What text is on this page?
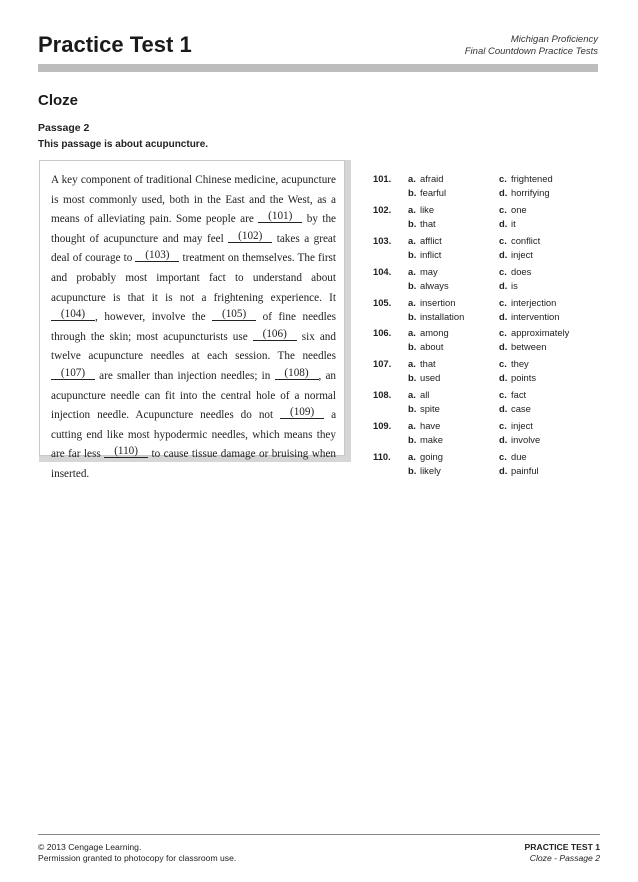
Practice Test 1	Michigan Proficiency
Final Countdown Practice Tests
Cloze
Passage 2
This passage is about acupuncture.
A key component of traditional Chinese medicine, acupuncture is most commonly used, both in the East and the West, as a means of alleviating pain. Some people are (101) by the thought of acupuncture and may feel (102) takes a great deal of courage to (103) treatment on themselves. The first and probably most important fact to understand about acupuncture is that it is not a frightening experience. It (104) , however, involve the (105) of fine needles through the skin; most acupuncturists use (106) six and twelve acupuncture needles at each session. The needles (107) are smaller than injection needles; in (108) , an acupuncture needle can fit into the central hole of a normal injection needle. Acupuncture needles do not (109) a cutting end like most hypodermic needles, which means they are far less (110) to cause tissue damage or bruising when inserted.
101. a. afraid
b. fearful
c. frightened
d. horrifying
102. a. like
b. that
c. one
d. it
103. a. afflict
b. inflict
c. conflict
d. inject
104. a. may
b. always
c. does
d. is
105. a. insertion
b. installation
c. interjection
d. intervention
106. a. among
b. about
c. approximately
d. between
107. a. that
b. used
c. they
d. points
108. a. all
b. spite
c. fact
d. case
109. a. have
b. make
c. inject
d. involve
110. a. going
b. likely
c. due
d. painful
© 2013 Cengage Learning.
Permission granted to photocopy for classroom use.
PRACTICE TEST 1
Cloze - Passage 2
